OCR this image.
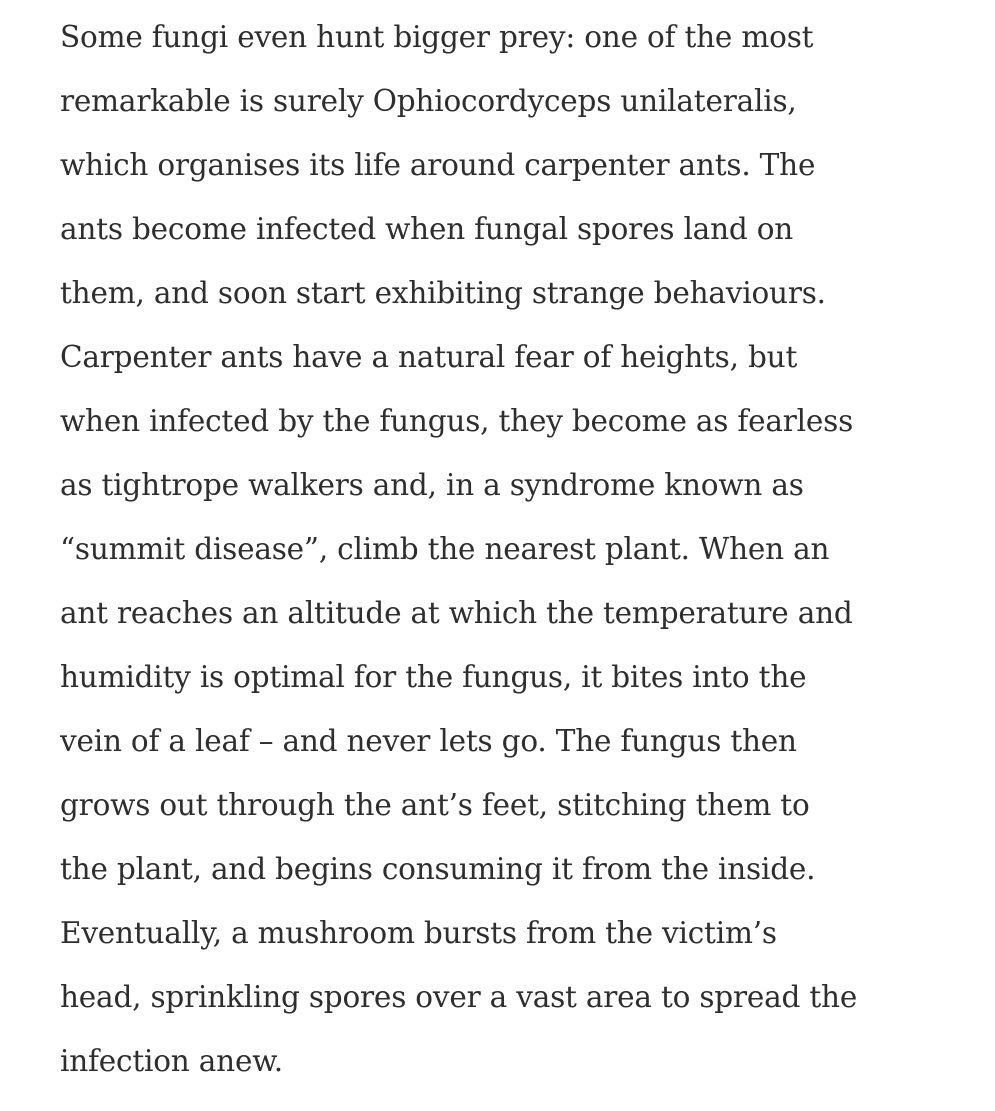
Some fungi even hunt bigger prey: one of the most
remarkable is surely Ophiocordyceps unilateralis,
which organises its life around carpenter ants. The
ants become infected when fungal spores land on
them, and soon start exhibiting strange behaviours.
Carpenter ants have a natural fear of heights, but
when infected by the fungus, they become as fearless
as tightrope walkers and, in a syndrome known as
“summit disease”, climb the nearest plant. When an
ant reaches an altitude at which the temperature and
humidity is optimal for the fungus, it bites into the
vein of a leaf – and never lets go. The fungus then
grows out through the ant’s feet, stitching them to
the plant, and begins consuming it from the inside.
Eventually, a mushroom bursts from the victim’s
head, sprinkling spores over a vast area to spread the
infection anew.
